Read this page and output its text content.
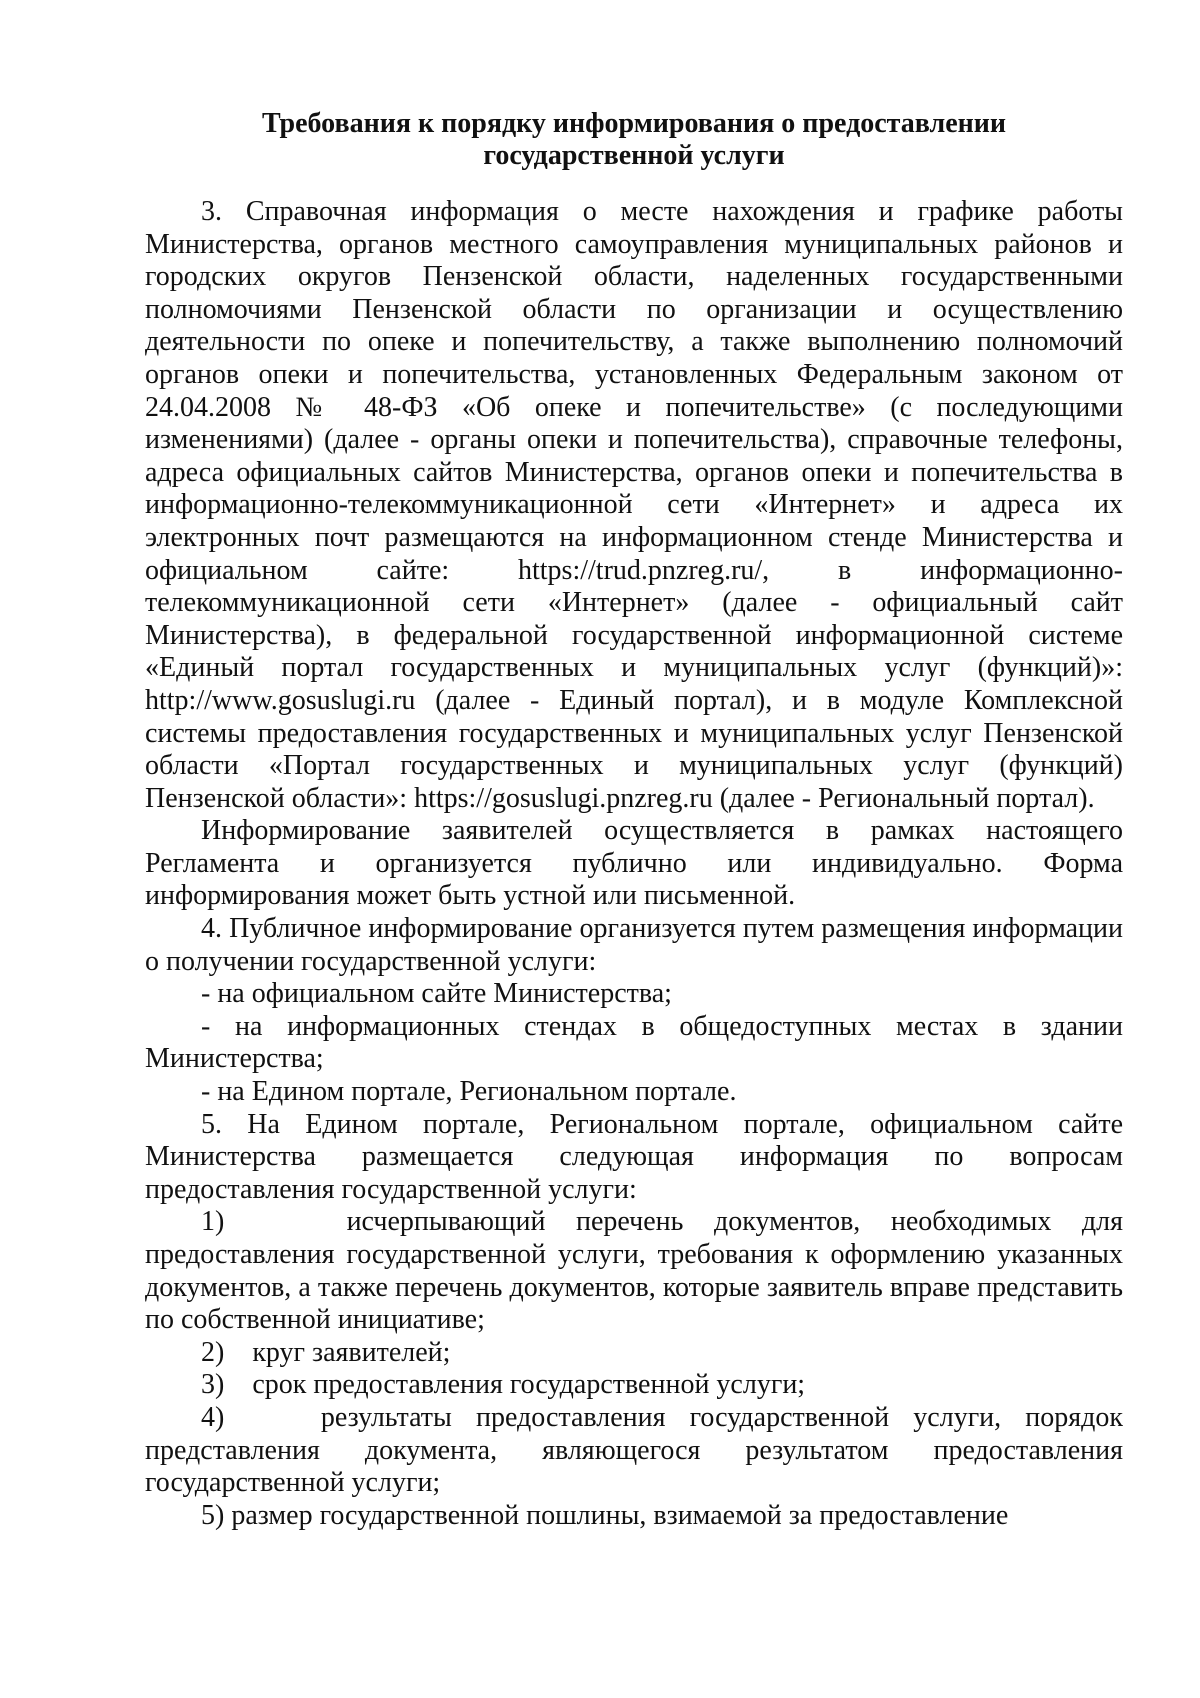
Требования к порядку информирования о предоставлении
государственной услуги

3. Справочная информация о месте нахождения и графике работы Министерства, органов местного самоуправления муниципальных районов и городских округов Пензенской области, наделенных государственными полномочиями Пензенской области по организации и осуществлению деятельности по опеке и попечительству, а также выполнению полномочий органов опеки и попечительства, установленных Федеральным законом от 24.04.2008 № 48-ФЗ «Об опеке и попечительстве» (с последующими изменениями) (далее - органы опеки и попечительства), справочные телефоны, адреса официальных сайтов Министерства, органов опеки и попечительства в информационно-телекоммуникационной сети «Интернет» и адреса их электронных почт размещаются на информационном стенде Министерства и официальном сайте: https://trud.pnzreg.ru/, в информационно-телекоммуникационной сети «Интернет» (далее - официальный сайт Министерства), в федеральной государственной информационной системе «Единый портал государственных и муниципальных услуг (функций)»: http://www.gosuslugi.ru (далее - Единый портал), и в модуле Комплексной системы предоставления государственных и муниципальных услуг Пензенской области «Портал государственных и муниципальных услуг (функций) Пензенской области»: https://gosuslugi.pnzreg.ru (далее - Региональный портал).

Информирование заявителей осуществляется в рамках настоящего Регламента и организуется публично или индивидуально. Форма информирования может быть устной или письменной.

4. Публичное информирование организуется путем размещения информации о получении государственной услуги:

- на официальном сайте Министерства;

- на информационных стендах в общедоступных местах в здании Министерства;

- на Едином портале, Региональном портале.

5. На Едином портале, Региональном портале, официальном сайте Министерства размещается следующая информация по вопросам предоставления государственной услуги:

1)    исчерпывающий перечень документов, необходимых для предоставления государственной услуги, требования к оформлению указанных документов, а также перечень документов, которые заявитель вправе представить по собственной инициативе;

2)    круг заявителей;

3)    срок предоставления государственной услуги;

4)    результаты предоставления государственной услуги, порядок представления документа, являющегося результатом предоставления государственной услуги;

5) размер государственной пошлины, взимаемой за предоставление
